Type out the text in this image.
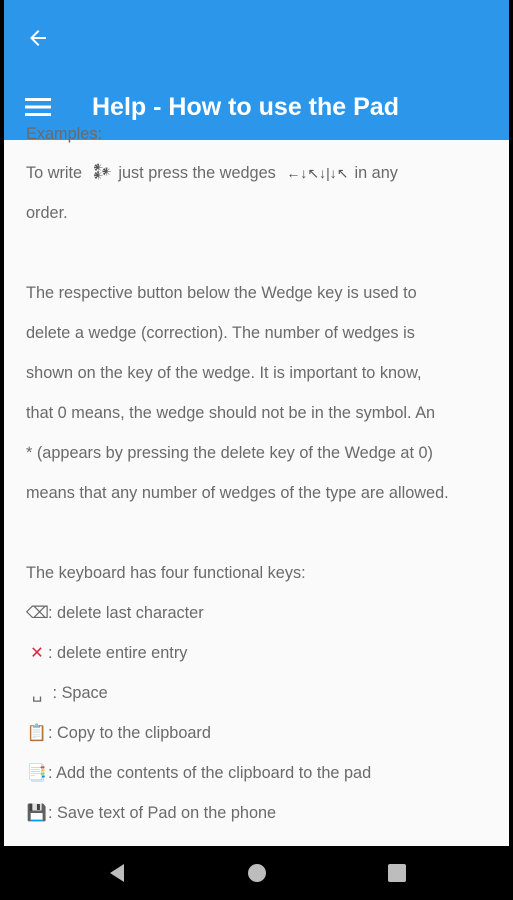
Help - How to use the Pad
Examples:
To write 𒀯 just press the wedges ←↓↖↓|↓↖ in any
order.
The respective button below the Wedge key is used to
delete a wedge (correction). The number of wedges is
shown on the key of the wedge. It is important to know,
that 0 means, the wedge should not be in the symbol. An
* (appears by pressing the delete key of the Wedge at 0)
means that any number of wedges of the type are allowed.
The keyboard has four functional keys:
⌫: delete last character
✕ : delete entire entry
␣ : Space
📋: Copy to the clipboard
📑: Add the contents of the clipboard to the pad
💾: Save text of Pad on the phone
